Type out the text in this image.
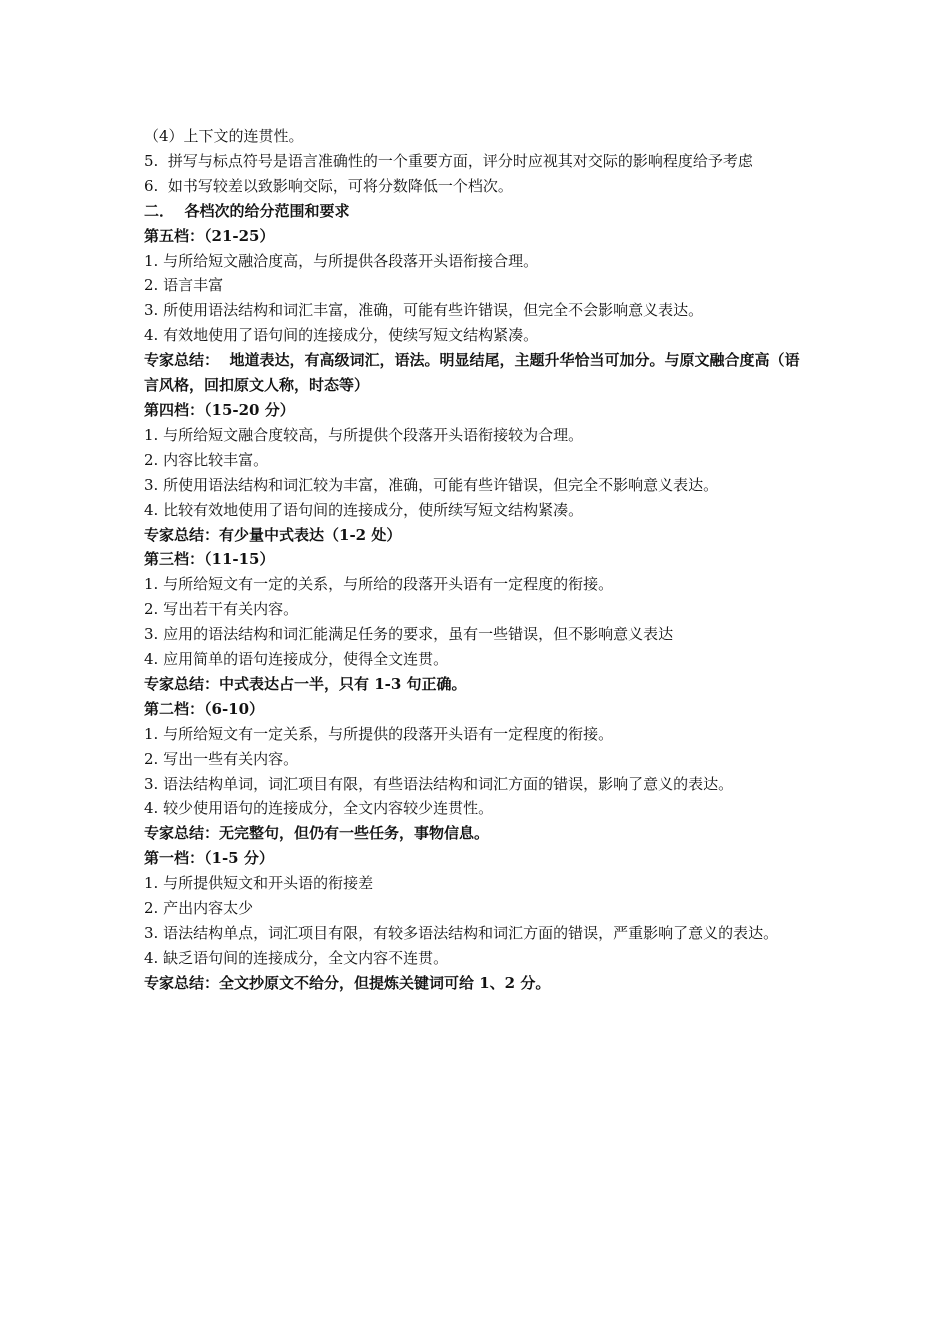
（4）上下文的连贯性。
5.  拼写与标点符号是语言准确性的一个重要方面，评分时应视其对交际的影响程度给予考虑
6.  如书写较差以致影响交际，可将分数降低一个档次。
二．  各档次的给分范围和要求
第五档：（21-25）
1. 与所给短文融洽度高，与所提供各段落开头语衔接合理。
2. 语言丰富
3. 所使用语法结构和词汇丰富，准确，可能有些许错误，但完全不会影响意义表达。
4. 有效地使用了语句间的连接成分，使续写短文结构紧凑。
专家总结：  地道表达，有高级词汇，语法。明显结尾，主题升华恰当可加分。与原文融合度高（语言风格，回扣原文人称，时态等）
第四档：（15-20 分）
1. 与所给短文融合度较高，与所提供个段落开头语衔接较为合理。
2. 内容比较丰富。
3. 所使用语法结构和词汇较为丰富，准确，可能有些许错误，但完全不影响意义表达。
4. 比较有效地使用了语句间的连接成分，使所续写短文结构紧凑。
专家总结：有少量中式表达（1-2 处）
第三档：（11-15）
1. 与所给短文有一定的关系，与所给的段落开头语有一定程度的衔接。
2. 写出若干有关内容。
3. 应用的语法结构和词汇能满足任务的要求，虽有一些错误，但不影响意义表达
4. 应用简单的语句连接成分，使得全文连贯。
专家总结：中式表达占一半，只有 1-3 句正确。
第二档：（6-10）
1. 与所给短文有一定关系，与所提供的段落开头语有一定程度的衔接。
2. 写出一些有关内容。
3. 语法结构单词，词汇项目有限，有些语法结构和词汇方面的错误，影响了意义的表达。
4. 较少使用语句的连接成分，全文内容较少连贯性。
专家总结：无完整句，但仍有一些任务，事物信息。
第一档：（1-5 分）
1. 与所提供短文和开头语的衔接差
2. 产出内容太少
3. 语法结构单点，词汇项目有限，有较多语法结构和词汇方面的错误，严重影响了意义的表达。
4. 缺乏语句间的连接成分，全文内容不连贯。
专家总结：全文抄原文不给分，但提炼关键词可给 1、2 分。
